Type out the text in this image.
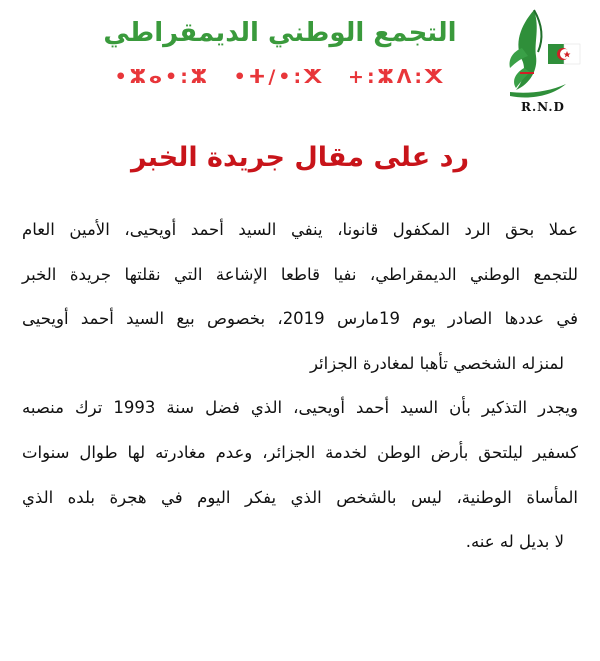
R.N.D
التجمع الوطني الديمقراطي
•ⵣⴰ•:ⵣ •ⵜ/•:ⵅ +:ⵣⴷ:ⵅ
رد على مقال جريدة الخبر
عملا بحق الرد المكفول قانونا، ينفي السيد أحمد أويحيى، الأمين العام
للتجمع الوطني الديمقراطي، نفيا قاطعا الإشاعة التي نقلتها جريدة الخبر
في عددها الصادر يوم 19مارس 2019، بخصوص بيع السيد أحمد أويحيى
لمنزله الشخصي تأهبا لمغادرة الجزائر
ويجدر التذكير بأن السيد أحمد أويحيى، الذي فضل سنة 1993 ترك منصبه
كسفير ليلتحق بأرض الوطن لخدمة الجزائر، وعدم مغادرته لها طوال سنوات
المأساة الوطنية، ليس بالشخص الذي يفكر اليوم في هجرة بلده الذي
لا بديل له عنه.
